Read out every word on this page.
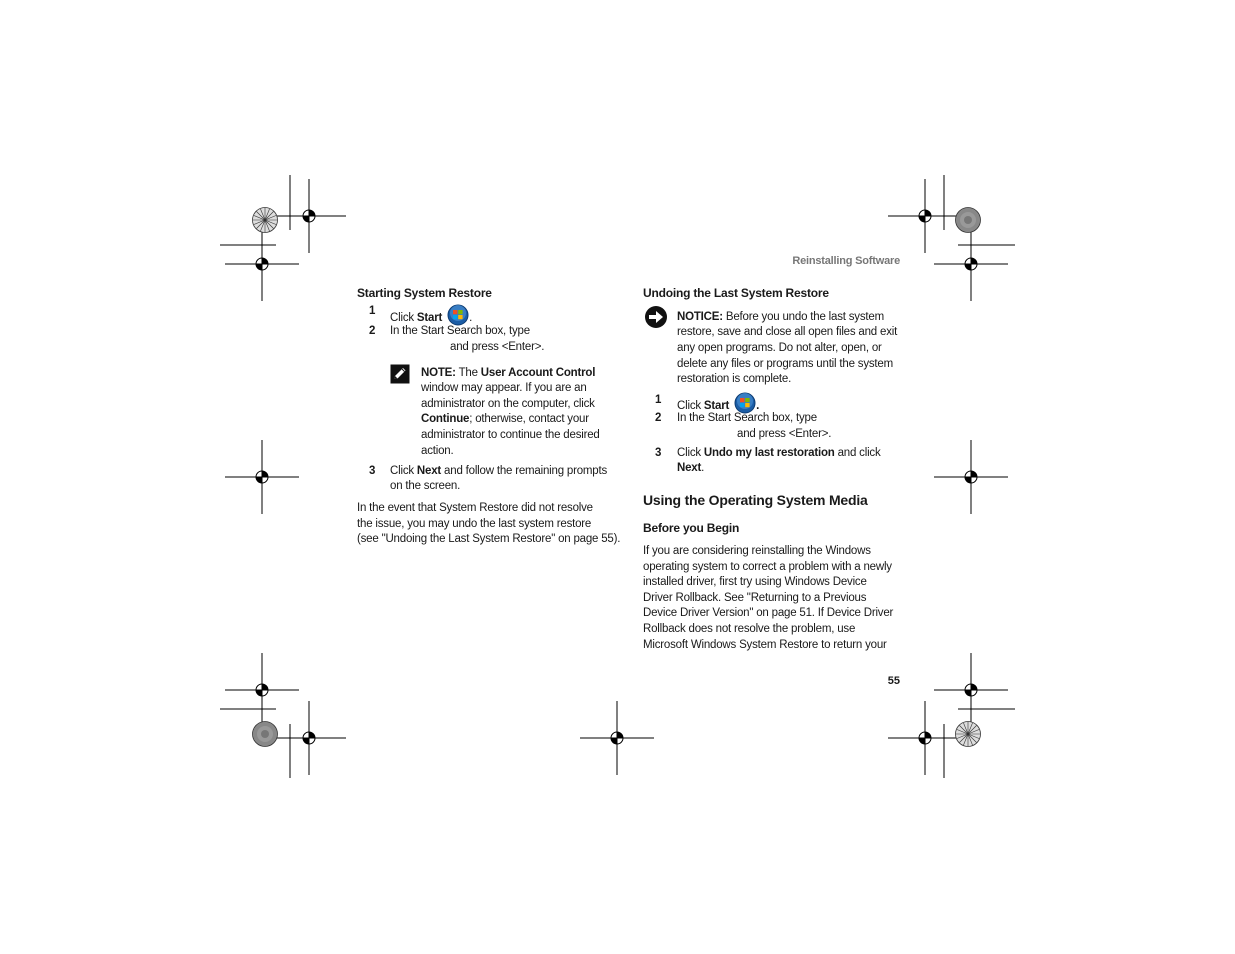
Reinstalling Software
Starting System Restore
1
Click Start .
2 In the Start Search box, type
and press <Enter>.
NOTE: The User Account Control
window may appear. If you are an
administrator on the computer, click
Continue; otherwise, contact your
administrator to continue the desired
action.
3 Click Next and follow the remaining prompts
on the screen.
In the event that System Restore did not resolve
the issue, you may undo the last system restore
(see "Undoing the Last System Restore" on page 55).
Undoing the Last System Restore
NOTICE: Before you undo the last system
restore, save and close all open files and exit
any open programs. Do not alter, open, or
delete any files or programs until the system
restoration is complete.
1 Click Start .
2 In the Start Search box, type
and press <Enter>.
3 Click Undo my last restoration and click
Next.
Using the Operating System Media
Before you Begin
If you are considering reinstalling the Windows
operating system to correct a problem with a newly
installed driver, first try using Windows Device
Driver Rollback. See "Returning to a Previous
Device Driver Version" on page 51. If Device Driver
Rollback does not resolve the problem, use
Microsoft Windows System Restore to return your
55
